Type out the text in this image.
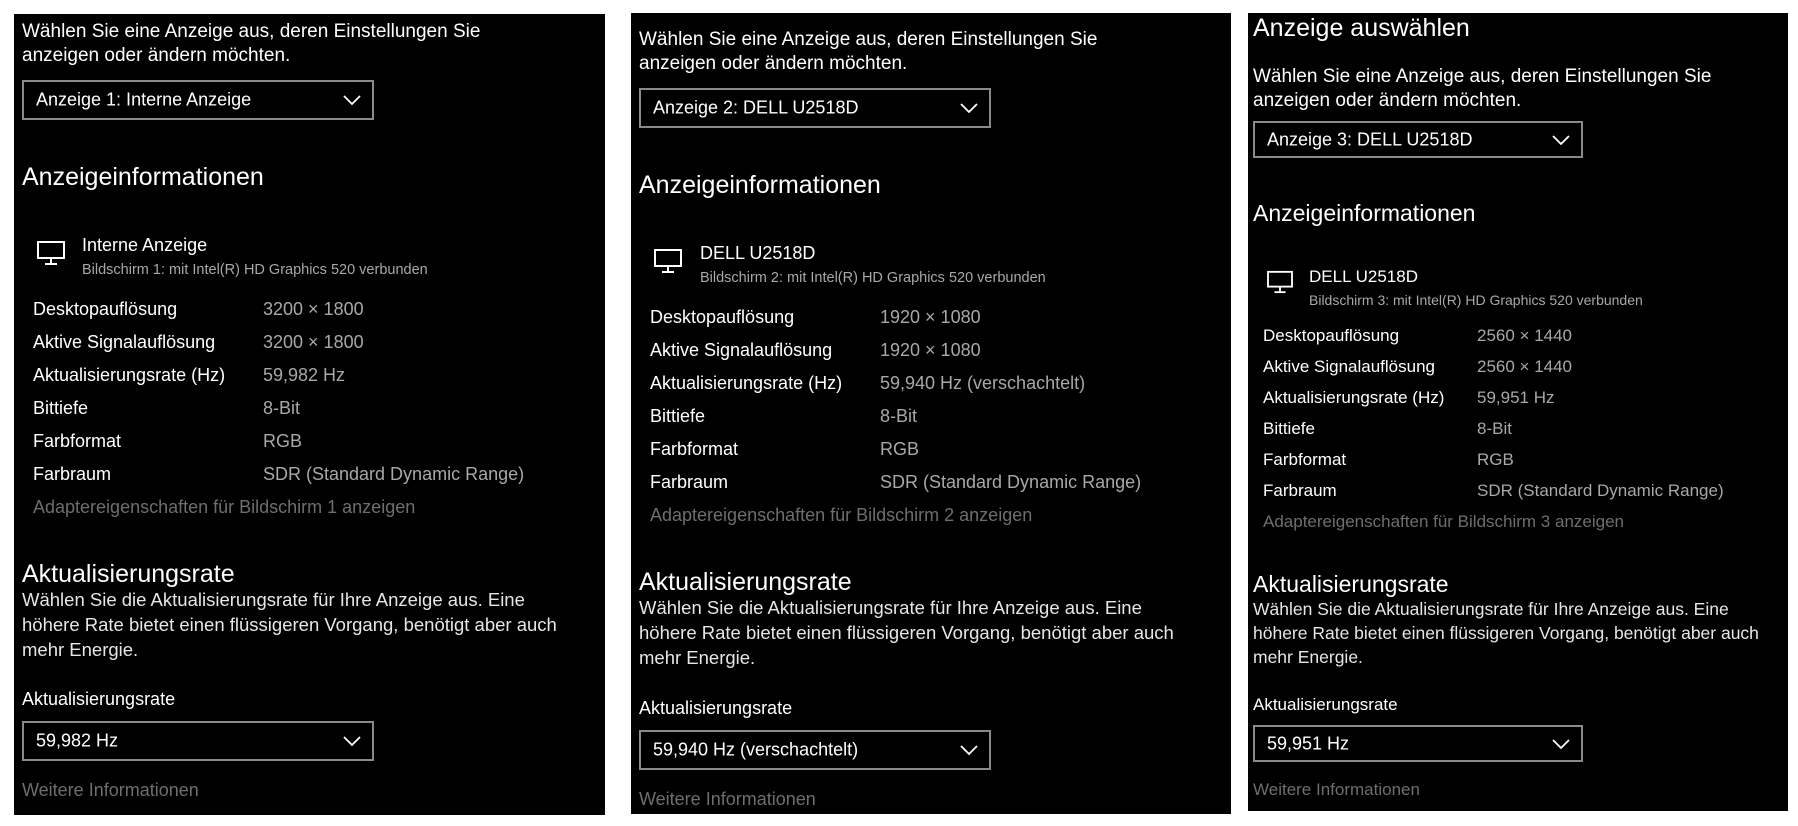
Wählen Sie eine Anzeige aus, deren Einstellungen Sie anzeigen oder ändern möchten.

Anzeige 1: Interne Anzeige
Anzeigeinformationen
Interne Anzeige
Bildschirm 1: mit Intel(R) HD Graphics 520 verbunden
Desktopauflösung	3200 × 1800
Aktive Signalauflösung	3200 × 1800
Aktualisierungsrate (Hz) 59,982 Hz
Bittiefe	8-Bit
Farbformat	RGB
Farbraum	SDR (Standard Dynamic Range)
Adaptereigenschaften für Bildschirm 1 anzeigen
Aktualisierungsrate

Wählen Sie die Aktualisierungsrate für Ihre Anzeige aus. Eine höhere Rate bietet einen flüssigeren Vorgang, benötigt aber auch mehr Energie.

Aktualisierungsrate
59,982 Hz
Weitere Informationen

Wählen Sie eine Anzeige aus, deren Einstellungen Sie anzeigen oder ändern möchten.

Anzeige 2: DELL U2518D
Anzeigeinformationen
DELL U2518D
Bildschirm 2: mit Intel(R) HD Graphics 520 verbunden
Desktopauflösung	1920 × 1080
Aktive Signalauflösung	1920 × 1080
Aktualisierungsrate (Hz) 59,940 Hz (verschachtelt)
Bittiefe	8-Bit
Farbformat	RGB
Farbraum	SDR (Standard Dynamic Range)
Adaptereigenschaften für Bildschirm 2 anzeigen
Aktualisierungsrate

Wählen Sie die Aktualisierungsrate für Ihre Anzeige aus. Eine höhere Rate bietet einen flüssigeren Vorgang, benötigt aber auch mehr Energie.

Aktualisierungsrate
59,940 Hz (verschachtelt)
Weitere Informationen
Anzeige auswählen

Wählen Sie eine Anzeige aus, deren Einstellungen Sie anzeigen oder ändern möchten.

Anzeige 3: DELL U2518D
Anzeigeinformationen
DELL U2518D
Bildschirm 3: mit Intel(R) HD Graphics 520 verbunden
Desktopauflösung	2560 × 1440
Aktive Signalauflösung 2560 × 1440
Aktualisierungsrate (Hz) 59,951 Hz
Bittiefe	8-Bit
Farbformat	RGB
Farbraum	SDR (Standard Dynamic Range)
Adaptereigenschaften für Bildschirm 3 anzeigen
Aktualisierungsrate

Wählen Sie die Aktualisierungsrate für Ihre Anzeige aus. Eine höhere Rate bietet einen flüssigeren Vorgang, benötigt aber auch mehr Energie.

Aktualisierungsrate
59,951 Hz
Weitere Informationen
